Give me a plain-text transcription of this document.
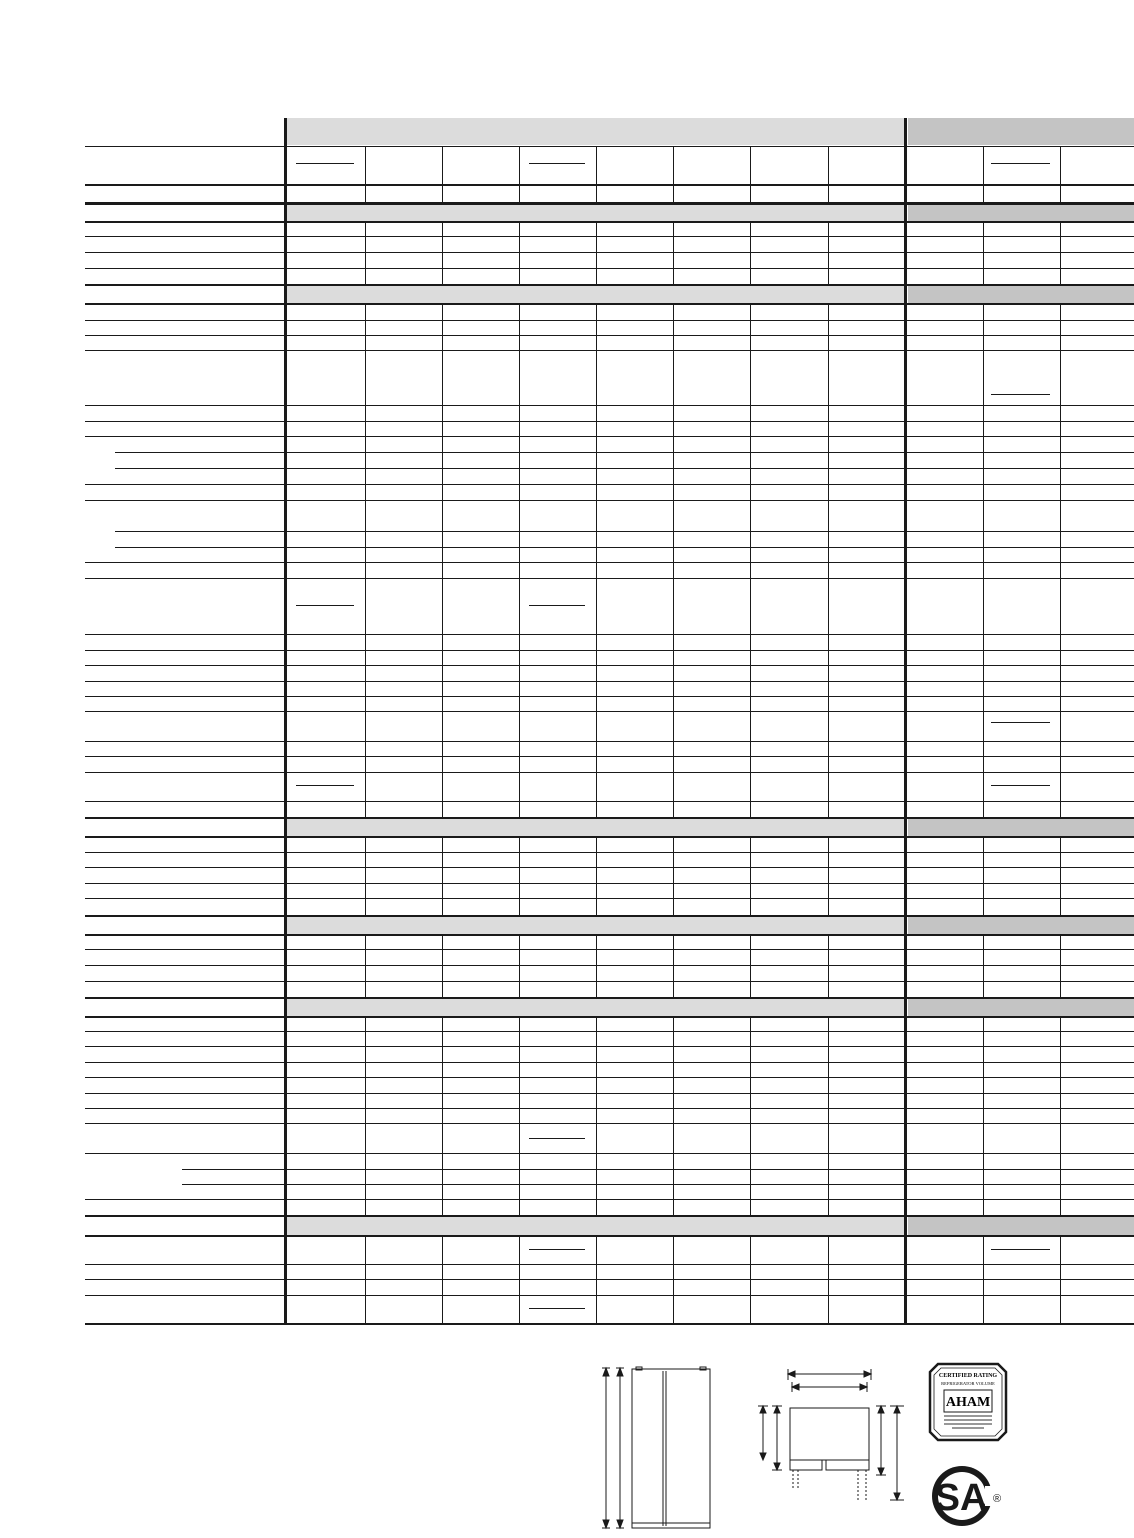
CERTIFIED RATING
REFRIGERATOR VOLUME
AHAM
SA ®
